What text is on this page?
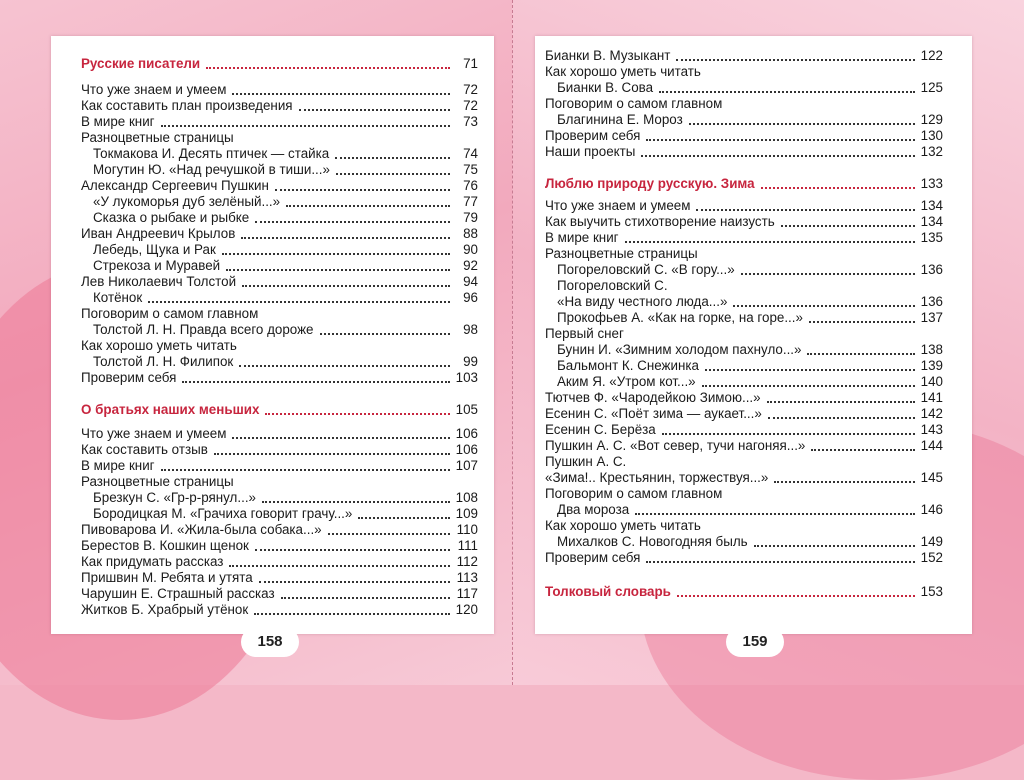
Русские писатели	71
Что уже знаем и умеем	72
Как составить план произведения	72
В мире книг	73
Разноцветные страницы
Токмакова И. Десять птичек — стайка	74
Могутин Ю. «Над речушкой в тиши...»	75
Александр Сергеевич Пушкин	76
«У лукоморья дуб зелёный...»	77
Сказка о рыбаке и рыбке	79
Иван Андреевич Крылов	88
Лебедь, Щука и Рак	90
Стрекоза и Муравей	92
Лев Николаевич Толстой	94
Котёнок	96
Поговорим о самом главном
Толстой Л. Н. Правда всего дороже	98
Как хорошо уметь читать
Толстой Л. Н. Филипок	99
Проверим себя	103
О братьях наших меньших	105
Что уже знаем и умеем	106
Как составить отзыв	106
В мире книг	107
Разноцветные страницы
Брезкун С. «Гр-р-рянул...»	108
Бородицкая М. «Грачиха говорит грачу...»	109
Пивоварова И. «Жила-была собака...»	110
Берестов В. Кошкин щенок	111
Как придумать рассказ	112
Пришвин М. Ребята и утята	113
Чарушин Е. Страшный рассказ	117
Житков Б. Храбрый утёнок	120
Бианки В. Музыкант	122
Как хорошо уметь читать
Бианки В. Сова	125
Поговорим о самом главном
Благинина Е. Мороз	129
Проверим себя	130
Наши проекты	132
Люблю природу русскую. Зима	133
Что уже знаем и умеем	134
Как выучить стихотворение наизусть	134
В мире книг	135
Разноцветные страницы
Погореловский С. «В гору...»	136
Погореловский С.
«На виду честного люда...»	136
Прокофьев А. «Как на горке, на горе...»	137
Первый снег
Бунин И. «Зимним холодом пахнуло...»	138
Бальмонт К. Снежинка	139
Аким Я. «Утром кот...»	140
Тютчев Ф. «Чародейкою Зимою...»	141
Есенин С. «Поёт зима — аукает...»	142
Есенин С. Берёза	143
Пушкин А. С. «Вот север, тучи нагоняя...»	144
Пушкин А. С.
«Зима!.. Крестьянин, торжествуя...»	145
Поговорим о самом главном
Два мороза	146
Как хорошо уметь читать
Михалков С. Новогодняя быль	149
Проверим себя	152
Толковый словарь	153
158	159
